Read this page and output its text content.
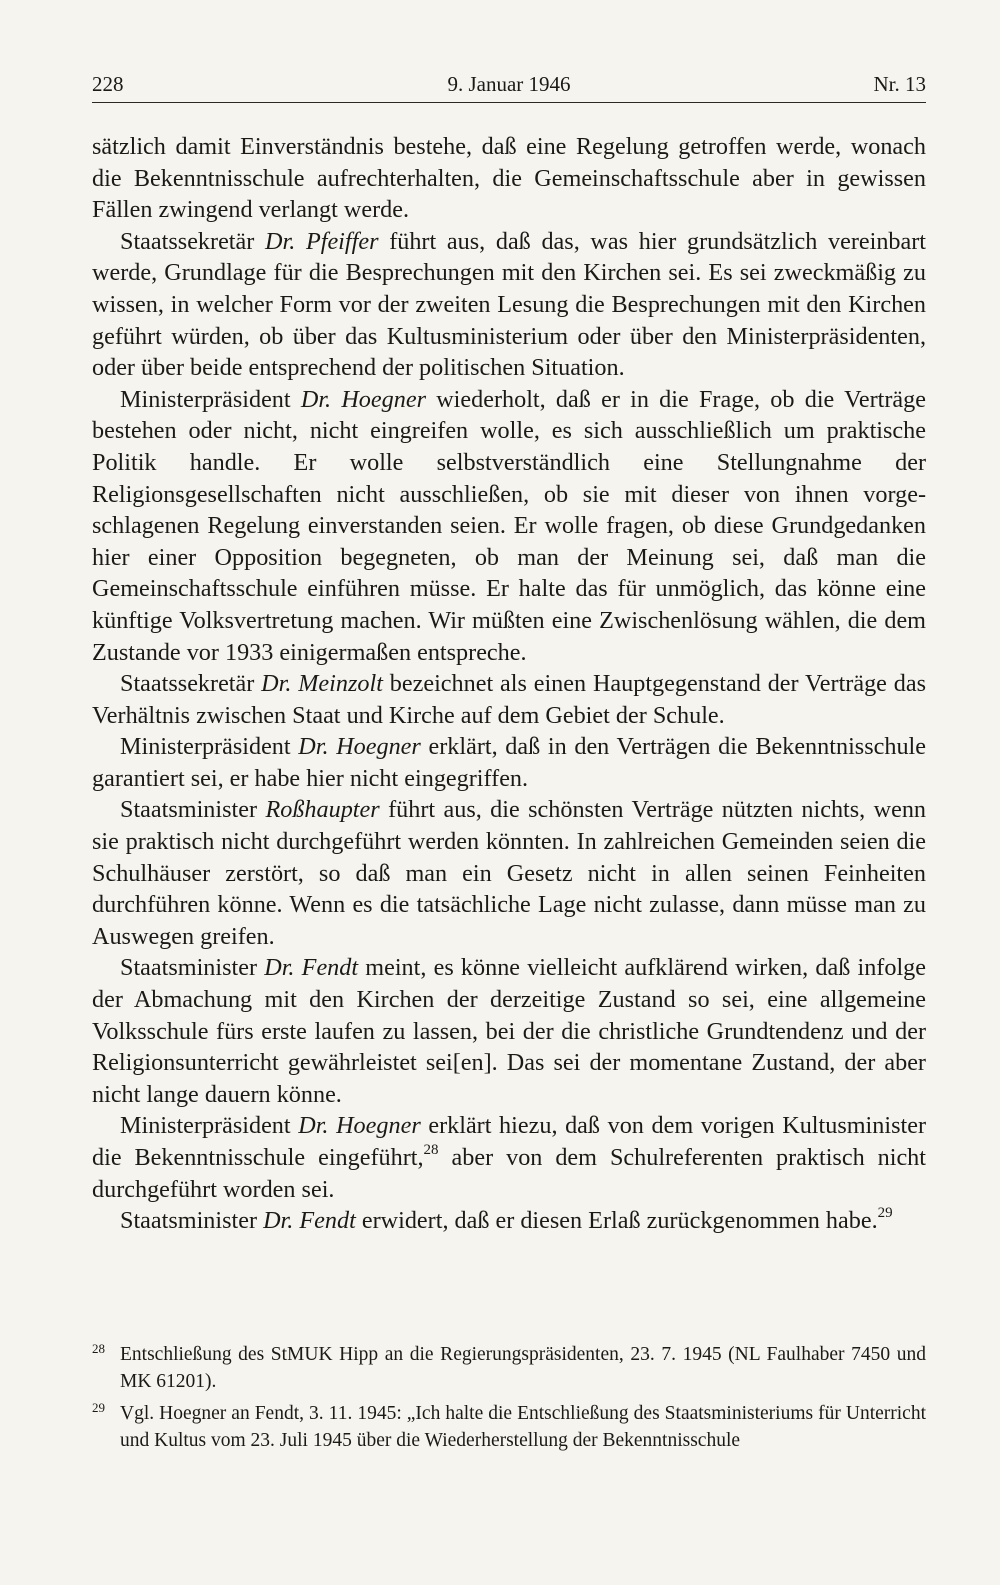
228	9. Januar 1946	Nr. 13

sätzlich damit Einverständnis bestehe, daß eine Regelung getroffen werde, wonach die Bekenntnisschule aufrechterhalten, die Gemeinschaftsschule aber in gewissen Fällen zwingend verlangt werde.

Staatssekretär Dr. Pfeiffer führt aus, daß das, was hier grundsätzlich vereinbart werde, Grundlage für die Besprechungen mit den Kirchen sei. Es sei zweckmäßig zu wissen, in welcher Form vor der zweiten Lesung die Besprechungen mit den Kirchen geführt würden, ob über das Kultusministerium oder über den Ministerpräsidenten, oder über beide entsprechend der politischen Situation.

Ministerpräsident Dr. Hoegner wiederholt, daß er in die Frage, ob die Verträge bestehen oder nicht, nicht eingreifen wolle, es sich ausschließlich um praktische Politik handle. Er wolle selbstverständlich eine Stellungnahme der Religionsgesellschaften nicht ausschließen, ob sie mit dieser von ihnen vorgeschlagenen Regelung einverstanden seien. Er wolle fragen, ob diese Grundgedanken hier einer Opposition begegneten, ob man der Meinung sei, daß man die Gemeinschaftsschule einführen müsse. Er halte das für unmöglich, das könne eine künftige Volksvertretung machen. Wir müßten eine Zwischenlösung wählen, die dem Zustande vor 1933 einigermaßen entspreche.

Staatssekretär Dr. Meinzolt bezeichnet als einen Hauptgegenstand der Verträge das Verhältnis zwischen Staat und Kirche auf dem Gebiet der Schule.

Ministerpräsident Dr. Hoegner erklärt, daß in den Verträgen die Bekenntnisschule garantiert sei, er habe hier nicht eingegriffen.

Staatsminister Roßhaupter führt aus, die schönsten Verträge nützten nichts, wenn sie praktisch nicht durchgeführt werden könnten. In zahlreichen Gemeinden seien die Schulhäuser zerstört, so daß man ein Gesetz nicht in allen seinen Feinheiten durchführen könne. Wenn es die tatsächliche Lage nicht zulasse, dann müsse man zu Auswegen greifen.

Staatsminister Dr. Fendt meint, es könne vielleicht aufklärend wirken, daß infolge der Abmachung mit den Kirchen der derzeitige Zustand so sei, eine allgemeine Volksschule fürs erste laufen zu lassen, bei der die christliche Grundtendenz und der Religionsunterricht gewährleistet sei[en]. Das sei der momentane Zustand, der aber nicht lange dauern könne.

Ministerpräsident Dr. Hoegner erklärt hiezu, daß von dem vorigen Kultusminister die Bekenntnisschule eingeführt,$^{28}$ aber von dem Schulreferenten praktisch nicht durchgeführt worden sei.

Staatsminister Dr. Fendt erwidert, daß er diesen Erlaß zurückgenommen habe.$^{29}$

28 Entschließung des StMUK Hipp an die Regierungspräsidenten, 23. 7. 1945 (NL Faulhaber 7450 und MK 61201).
29 Vgl. Hoegner an Fendt, 3. 11. 1945: „Ich halte die Entschließung des Staatsministeriums für Unterricht und Kultus vom 23. Juli 1945 über die Wiederherstellung der Bekenntnisschule
